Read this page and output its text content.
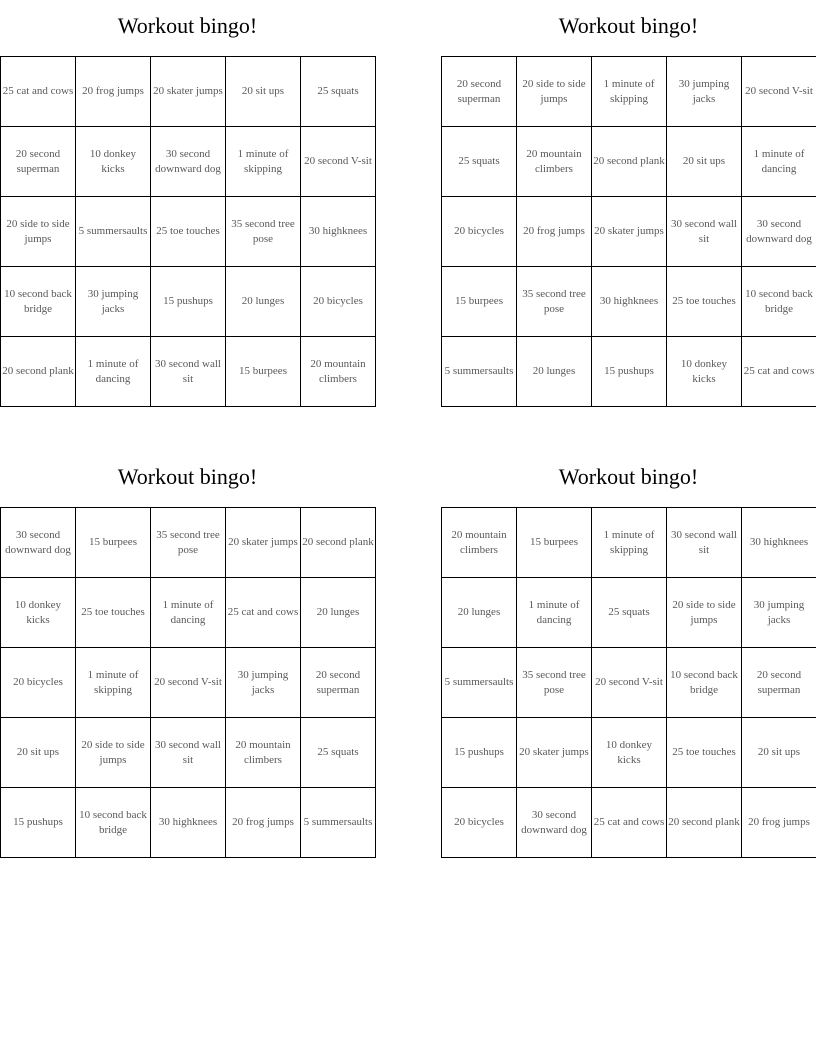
Workout bingo!
25 cat and cows	20 frog jumps	20 skater jumps	20 sit ups	25 squats
20 second superman	10 donkey kicks	30 second downward dog	1 minute of skipping	20 second V-sit
20 side to side jumps	5 summersaults	25 toe touches	35 second tree pose	30 highknees
10 second back bridge	30 jumping jacks	15 pushups	20 lunges	20 bicycles
20 second plank	1 minute of dancing	30 second wall sit	15 burpees	20 mountain climbers
Workout bingo!
20 second superman	20 side to side jumps	1 minute of skipping	30 jumping jacks	20 second V-sit
25 squats	20 mountain climbers	20 second plank	20 sit ups	1 minute of dancing
20 bicycles	20 frog jumps	20 skater jumps	30 second wall sit	30 second downward dog
15 burpees	35 second tree pose	30 highknees	25 toe touches	10 second back bridge
5 summersaults	20 lunges	15 pushups	10 donkey kicks	25 cat and cows
Workout bingo!
30 second downward dog	15 burpees	35 second tree pose	20 skater jumps	20 second plank
10 donkey kicks	25 toe touches	1 minute of dancing	25 cat and cows	20 lunges
20 bicycles	1 minute of skipping	20 second V-sit	30 jumping jacks	20 second superman
20 sit ups	20 side to side jumps	30 second wall sit	20 mountain climbers	25 squats
15 pushups	10 second back bridge	30 highknees	20 frog jumps	5 summersaults
Workout bingo!
20 mountain climbers	15 burpees	1 minute of skipping	30 second wall sit	30 highknees
20 lunges	1 minute of dancing	25 squats	20 side to side jumps	30 jumping jacks
5 summersaults	35 second tree pose	20 second V-sit	10 second back bridge	20 second superman
15 pushups	20 skater jumps	10 donkey kicks	25 toe touches	20 sit ups
20 bicycles	30 second downward dog	25 cat and cows	20 second plank	20 frog jumps
